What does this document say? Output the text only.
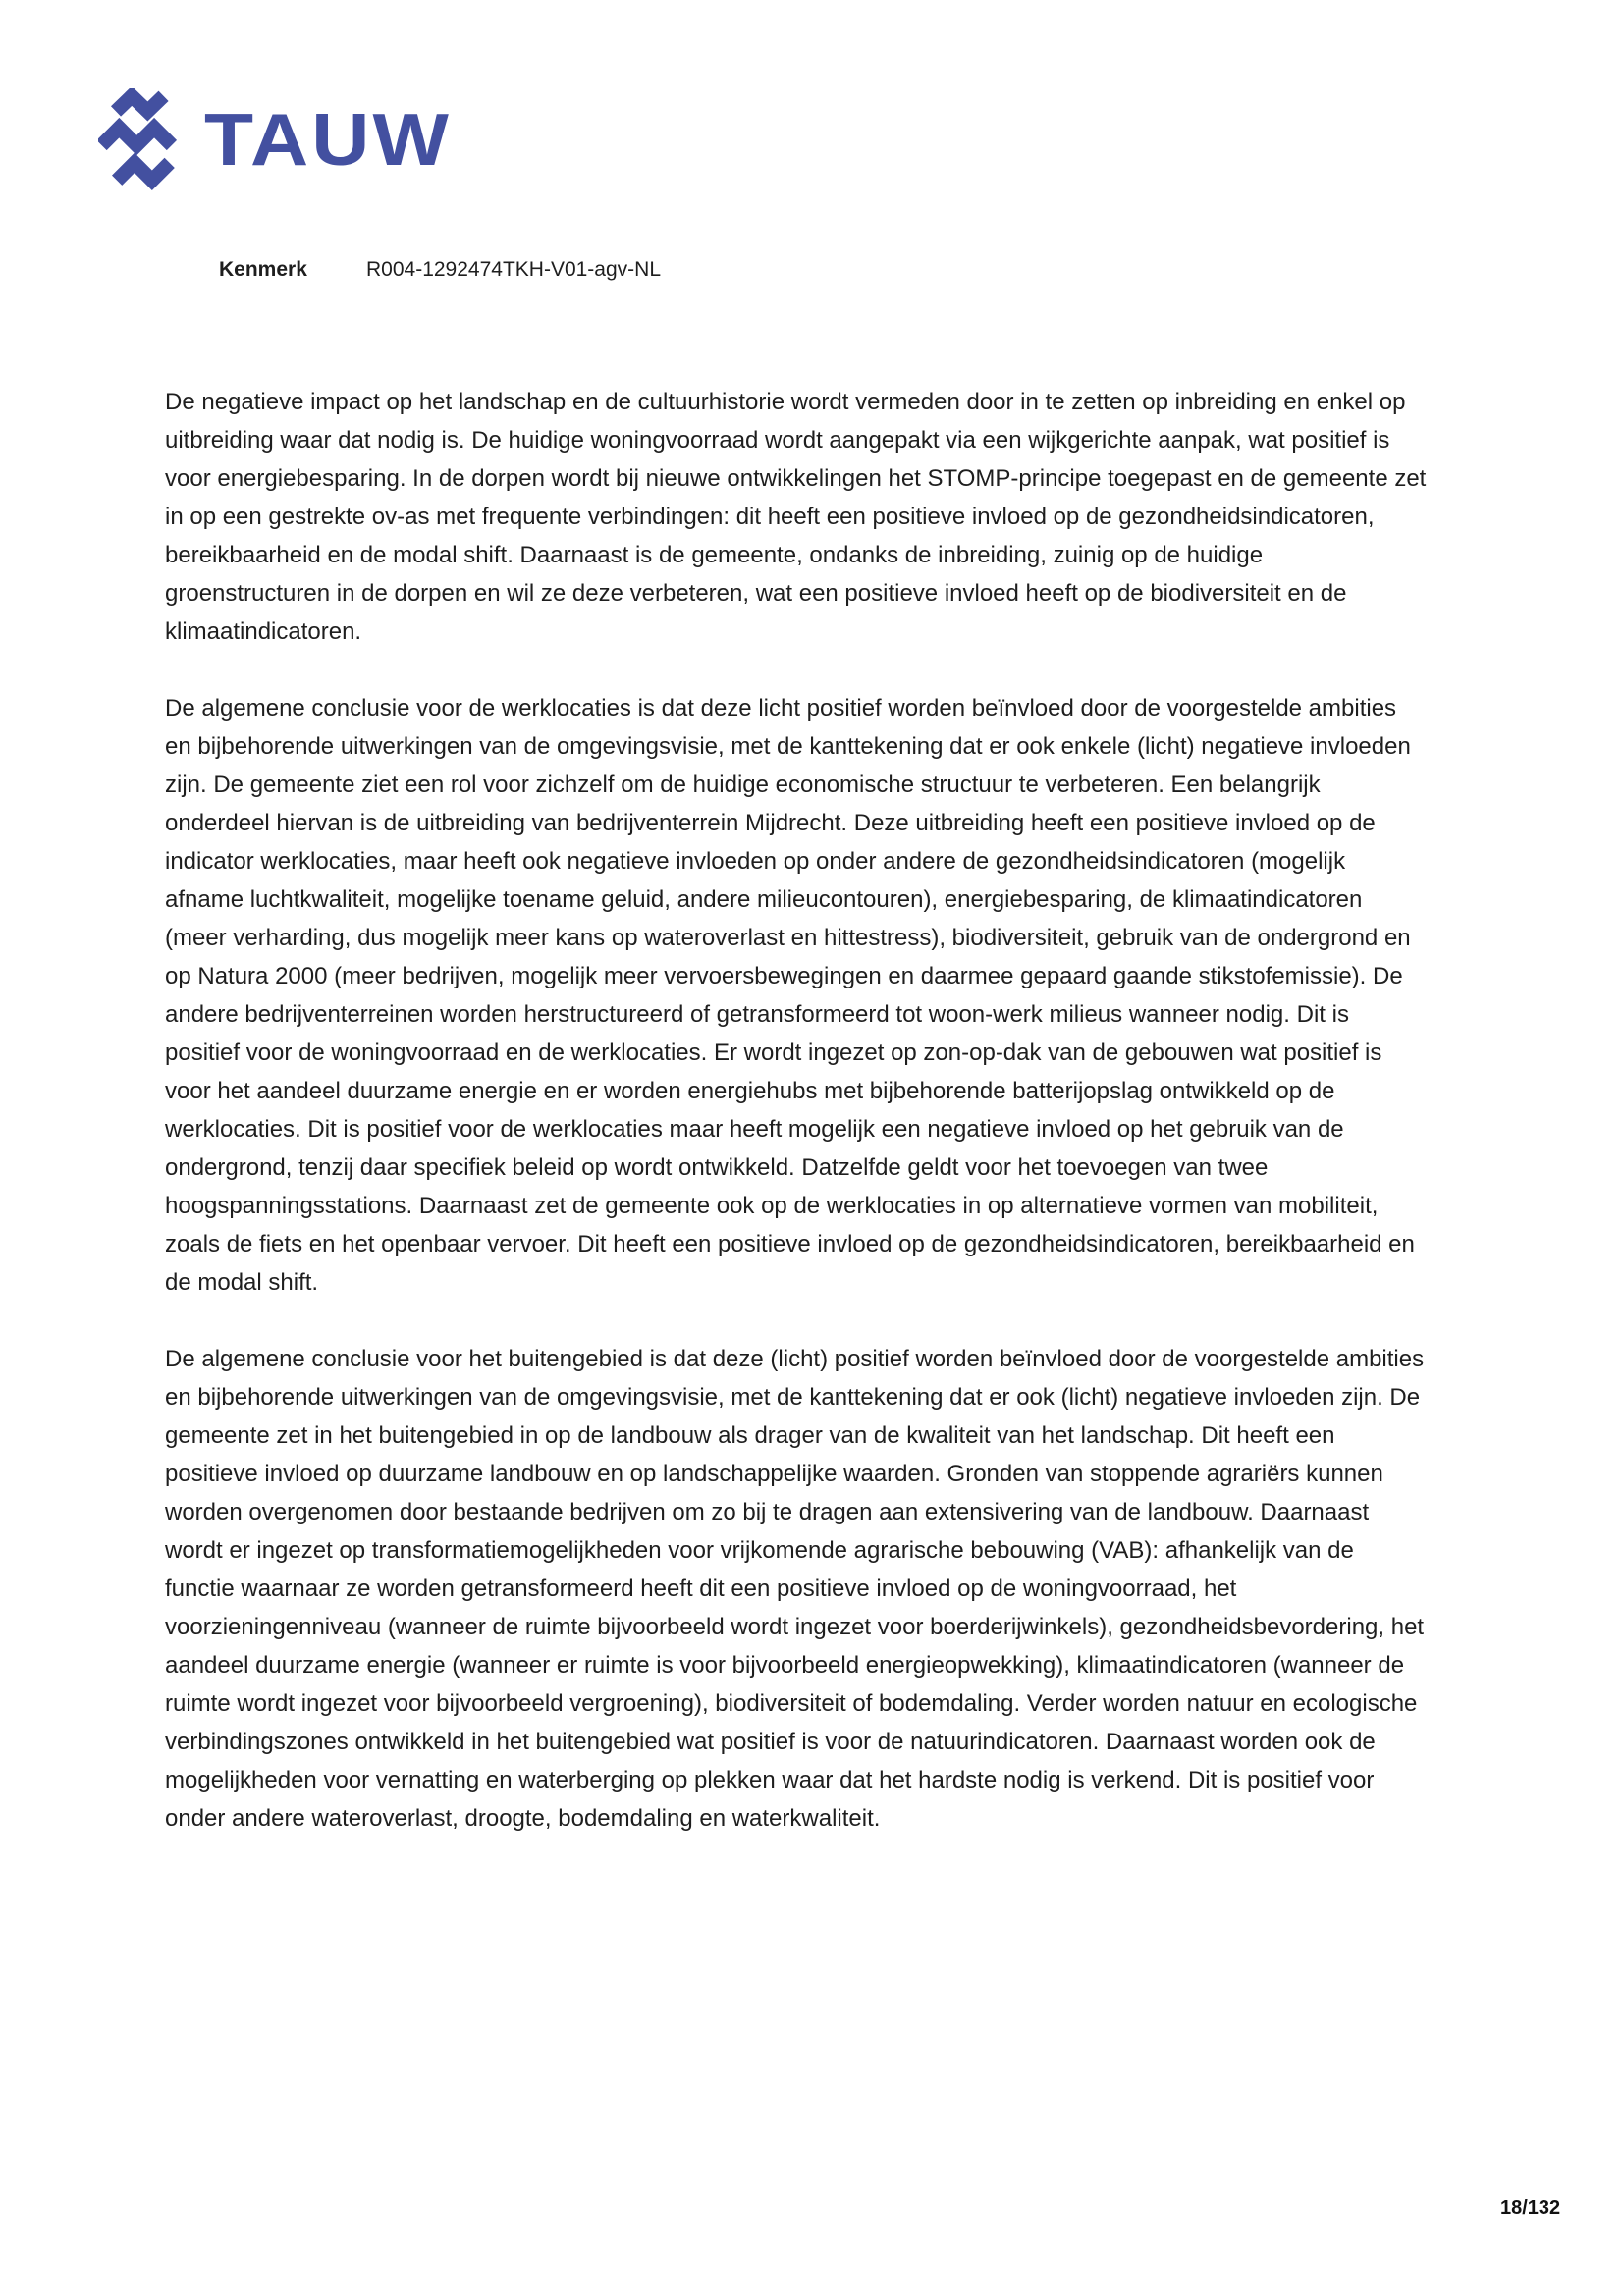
TAUW
Kenmerk	R004-1292474TKH-V01-agv-NL

De negatieve impact op het landschap en de cultuurhistorie wordt vermeden door in te zetten op inbreiding en enkel op uitbreiding waar dat nodig is. De huidige woningvoorraad wordt aangepakt via een wijkgerichte aanpak, wat positief is voor energiebesparing. In de dorpen wordt bij nieuwe ontwikkelingen het STOMP-principe toegepast en de gemeente zet in op een gestrekte ov-as met frequente verbindingen: dit heeft een positieve invloed op de gezondheidsindicatoren, bereikbaarheid en de modal shift. Daarnaast is de gemeente, ondanks de inbreiding, zuinig op de huidige groenstructuren in de dorpen en wil ze deze verbeteren, wat een positieve invloed heeft op de biodiversiteit en de klimaatindicatoren.

De algemene conclusie voor de werklocaties is dat deze licht positief worden beïnvloed door de voorgestelde ambities en bijbehorende uitwerkingen van de omgevingsvisie, met de kanttekening dat er ook enkele (licht) negatieve invloeden zijn. De gemeente ziet een rol voor zichzelf om de huidige economische structuur te verbeteren. Een belangrijk onderdeel hiervan is de uitbreiding van bedrijventerrein Mijdrecht. Deze uitbreiding heeft een positieve invloed op de indicator werklocaties, maar heeft ook negatieve invloeden op onder andere de gezondheidsindicatoren (mogelijk afname luchtkwaliteit, mogelijke toename geluid, andere milieucontouren), energiebesparing, de klimaatindicatoren (meer verharding, dus mogelijk meer kans op wateroverlast en hittestress), biodiversiteit, gebruik van de ondergrond en op Natura 2000 (meer bedrijven, mogelijk meer vervoersbewegingen en daarmee gepaard gaande stikstofemissie). De andere bedrijventerreinen worden herstructureerd of getransformeerd tot woon-werk milieus wanneer nodig. Dit is positief voor de woningvoorraad en de werklocaties. Er wordt ingezet op zon-op-dak van de gebouwen wat positief is voor het aandeel duurzame energie en er worden energiehubs met bijbehorende batterijopslag ontwikkeld op de werklocaties. Dit is positief voor de werklocaties maar heeft mogelijk een negatieve invloed op het gebruik van de ondergrond, tenzij daar specifiek beleid op wordt ontwikkeld. Datzelfde geldt voor het toevoegen van twee hoogspanningsstations. Daarnaast zet de gemeente ook op de werklocaties in op alternatieve vormen van mobiliteit, zoals de fiets en het openbaar vervoer. Dit heeft een positieve invloed op de gezondheidsindicatoren, bereikbaarheid en de modal shift.

De algemene conclusie voor het buitengebied is dat deze (licht) positief worden beïnvloed door de voorgestelde ambities en bijbehorende uitwerkingen van de omgevingsvisie, met de kanttekening dat er ook (licht) negatieve invloeden zijn. De gemeente zet in het buitengebied in op de landbouw als drager van de kwaliteit van het landschap. Dit heeft een positieve invloed op duurzame landbouw en op landschappelijke waarden. Gronden van stoppende agrariërs kunnen worden overgenomen door bestaande bedrijven om zo bij te dragen aan extensivering van de landbouw. Daarnaast wordt er ingezet op transformatiemogelijkheden voor vrijkomende agrarische bebouwing (VAB): afhankelijk van de functie waarnaar ze worden getransformeerd heeft dit een positieve invloed op de woningvoorraad, het voorzieningenniveau (wanneer de ruimte bijvoorbeeld wordt ingezet voor boerderijwinkels), gezondheidsbevordering, het aandeel duurzame energie (wanneer er ruimte is voor bijvoorbeeld energieopwekking), klimaatindicatoren (wanneer de ruimte wordt ingezet voor bijvoorbeeld vergroening), biodiversiteit of bodemdaling. Verder worden natuur en ecologische verbindingszones ontwikkeld in het buitengebied wat positief is voor de natuurindicatoren. Daarnaast worden ook de mogelijkheden voor vernatting en waterberging op plekken waar dat het hardste nodig is verkend. Dit is positief voor onder andere wateroverlast, droogte, bodemdaling en waterkwaliteit.

18/132
